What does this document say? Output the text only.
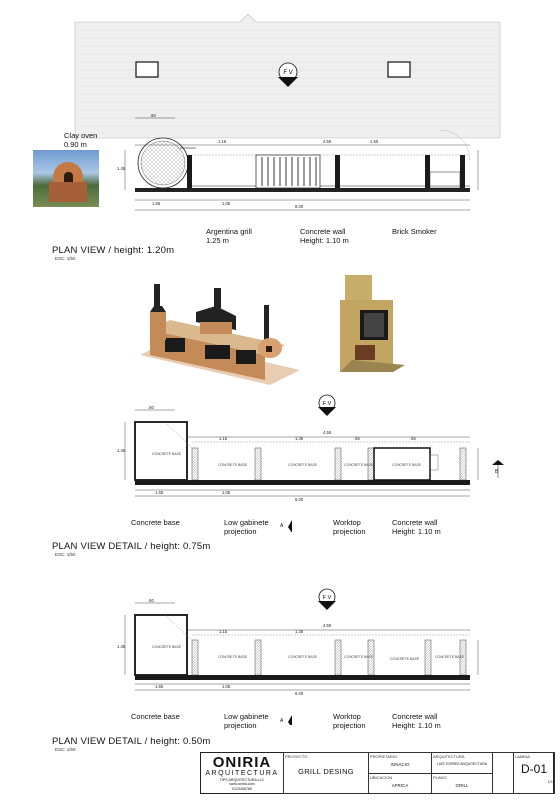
F V
.60
1.15	4.55	1.50
1.65	1.05
6.00
1.45
Clay oven
0.90 m
Argentina grill
1.25 m
Concrete wall
Height: 1.10 m
Brick Smoker
PLAN VIEW / height: 1.20m
ESC: 1/50
F V
.60
1.15	1.35
4.55
.55	.55
1.65	1.05
6.00
1.45
CONCRETE BASE
CONCRETE BASE	CONCRETE BASE	CONCRETE BASE	CONCRETE BASE
Concrete base	Low gabinete
projection
Worktop
projection
Concrete wall
Height: 1.10 m
A
B
PLAN VIEW DETAIL / height: 0.75m
ESC: 1/50
F V
.60
1.15	1.35
4.55
1.65	1.05
6.00
1.45	CONCRETE BASE
CONCRETE BASE	CONCRETE BASE	CONCRETE BASE	CONCRETE BASE	CONCRETE BASE
Concrete base	Low gabinete
projection
Worktop
projection
Concrete wall
Height: 1.10 m
A
PLAN VIEW DETAIL / height: 0.50m
ESC: 1/50
ONIRIA
ARQUITECTURA
TIPS ARQUITECTURA LLC
www.oniria.com
0123456789
PROYECTO
GRILL DESING
PROPIETARIO
IGNACIO
UBICACION
AFRICA
ARQUITECTURA
LUIS TORRES ARQUITECTURA
PLANO
GRILL
LAMINA
D-01
1/1
